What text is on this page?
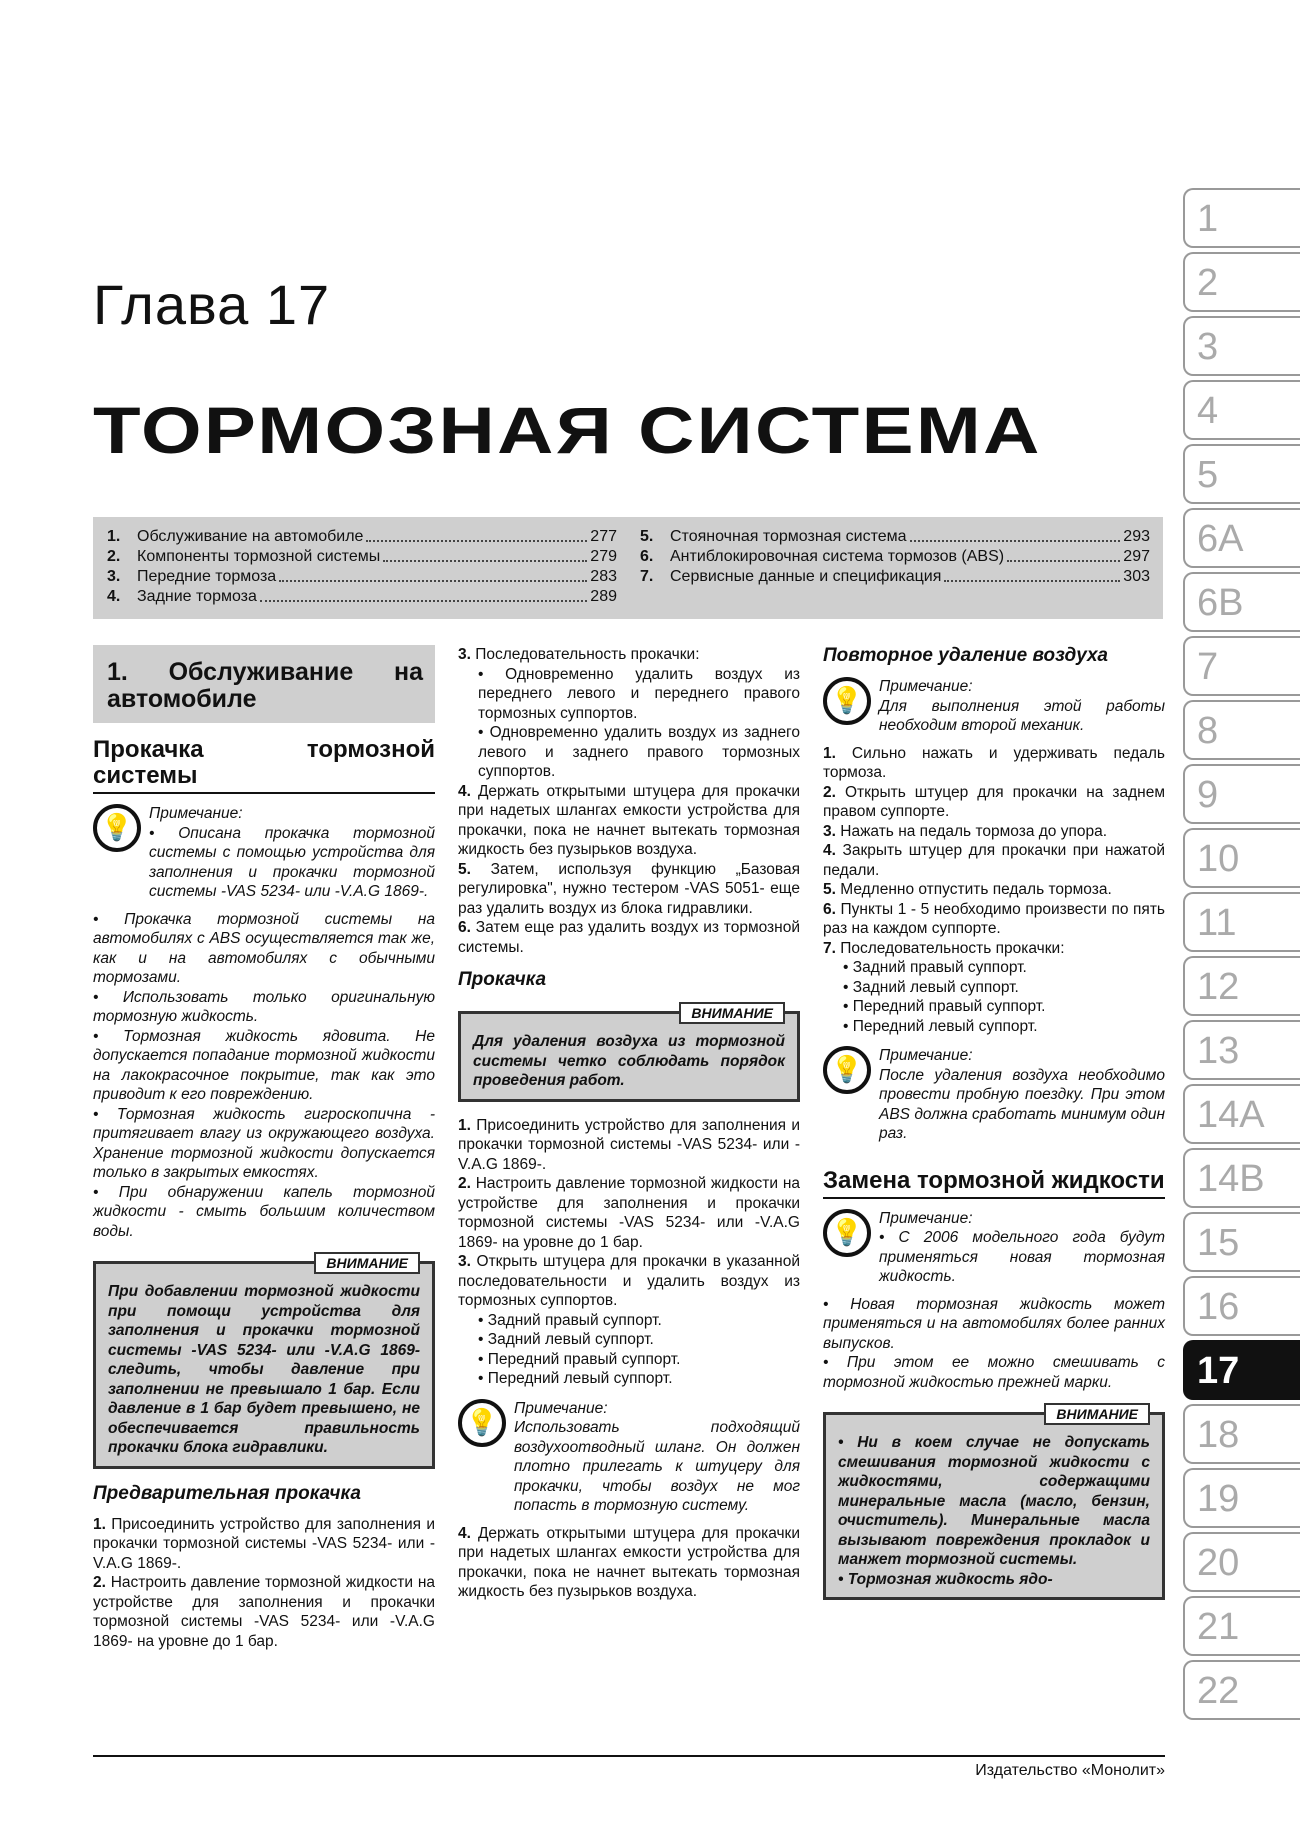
Глава 17
ТОРМОЗНАЯ СИСТЕМА
1.	Обслуживание на автомобиле	277
2.	Компоненты тормозной системы	279
3.	Передние тормоза	283
4.	Задние тормоза	289
5.	Стояночная тормозная система	293
6.	Антиблокировочная система тормозов (ABS)	297
7.	Сервисные данные и спецификация	303
1. Обслуживание на автомобиле
Прокачка тормозной системы
💡	Примечание:

• Описана прокачка тормозной системы с помощью устройства для заполнения и прокачки тормозной системы -VAS 5234- или -V.A.G 1869-.

• Прокачка тормозной системы на автомобилях с ABS осуществляется так же, как и на автомобилях с обычными тормозами.

• Использовать только оригинальную тормозную жидкость.

• Тормозная жидкость ядовита. Не допускается попадание тормозной жидкости на лакокрасочное покрытие, так как это приводит к его повреждению.

• Тормозная жидкость гигроскопична - притягивает влагу из окружающего воздуха. Хранение тормозной жидкости допускается только в закрытых емкостях.

• При обнаружении капель тормозной жидкости - смыть большим количеством воды.

ВНИМАНИЕ

При добавлении тормозной жидкости при помощи устройства для заполнения и прокачки тормозной системы -VAS 5234- или -V.A.G 1869- следить, чтобы давление при заполнении не превышало 1 бар. Если давление в 1 бар будет превышено, не обеспечивается правильность прокачки блока гидравлики.

Предварительная прокачка

1. Присоединить устройство для заполнения и прокачки тормозной системы -VAS 5234- или -V.A.G 1869-.

2. Настроить давление тормозной жидкости на устройстве для заполнения и прокачки тормозной системы -VAS 5234- или -V.A.G 1869- на уровне до 1 бар.

3. Последовательность прокачки:

• Одновременно удалить воздух из переднего левого и переднего правого тормозных суппортов.

• Одновременно удалить воздух из заднего левого и заднего правого тормозных суппортов.

4. Держать открытыми штуцера для прокачки при надетых шлангах емкости устройства для прокачки, пока не начнет вытекать тормозная жидкость без пузырьков воздуха.

5. Затем, используя функцию „Базовая регулировка", нужно тестером -VAS 5051- еще раз удалить воздух из блока гидравлики.

6. Затем еще раз удалить воздух из тормозной системы.

Прокачка
ВНИМАНИЕ

Для удаления воздуха из тормозной системы четко соблюдать порядок проведения работ.

1. Присоединить устройство для заполнения и прокачки тормозной системы -VAS 5234- или -V.A.G 1869-.

2. Настроить давление тормозной жидкости на устройстве для заполнения и прокачки тормозной системы -VAS 5234- или -V.A.G 1869- на уровне до 1 бар.

3. Открыть штуцера для прокачки в указанной последовательности и удалить воздух из тормозных суппортов.

• Задний правый суппорт.

• Задний левый суппорт.

• Передний правый суппорт.

• Передний левый суппорт.

💡	Примечание:

Использовать подходящий воздухоотводный шланг. Он должен плотно прилегать к штуцеру для прокачки, чтобы воздух не мог попасть в тормозную систему.

4. Держать открытыми штуцера для прокачки при надетых шлангах емкости устройства для прокачки, пока не начнет вытекать тормозная жидкость без пузырьков воздуха.

Повторное удаление воздуха
💡	Примечание:

Для выполнения этой работы необходим второй механик.

1. Сильно нажать и удерживать педаль тормоза.

2. Открыть штуцер для прокачки на заднем правом суппорте.

3. Нажать на педаль тормоза до упора.

4. Закрыть штуцер для прокачки при нажатой педали.

5. Медленно отпустить педаль тормоза.

6. Пункты 1 - 5 необходимо произвести по пять раз на каждом суппорте.

7. Последовательность прокачки:

• Задний правый суппорт.

• Задний левый суппорт.

• Передний правый суппорт.

• Передний левый суппорт.

💡	Примечание:

После удаления воздуха необходимо провести пробную поездку. При этом ABS должна сработать минимум один раз.

Замена тормозной жидкости
💡	Примечание:

• С 2006 модельного года будут применяться новая тормозная жидкость.

• Новая тормозная жидкость может применяться и на автомобилях более ранних выпусков.

• При этом ее можно смешивать с тормозной жидкостью прежней марки.

ВНИМАНИЕ

• Ни в коем случае не допускать смешивания тормозной жидкости с жидкостями, содержащими минеральные масла (масло, бензин, очиститель). Минеральные масла вызывают повреждения прокладок и манжет тормозной системы.

• Тормозная жидкость ядо-

1
2
3
4
5
6A
6B
7
8
9
10
11
12
13
14A
14B
15
16
17
18
19
20
21
22
Издательство «Монолит»
